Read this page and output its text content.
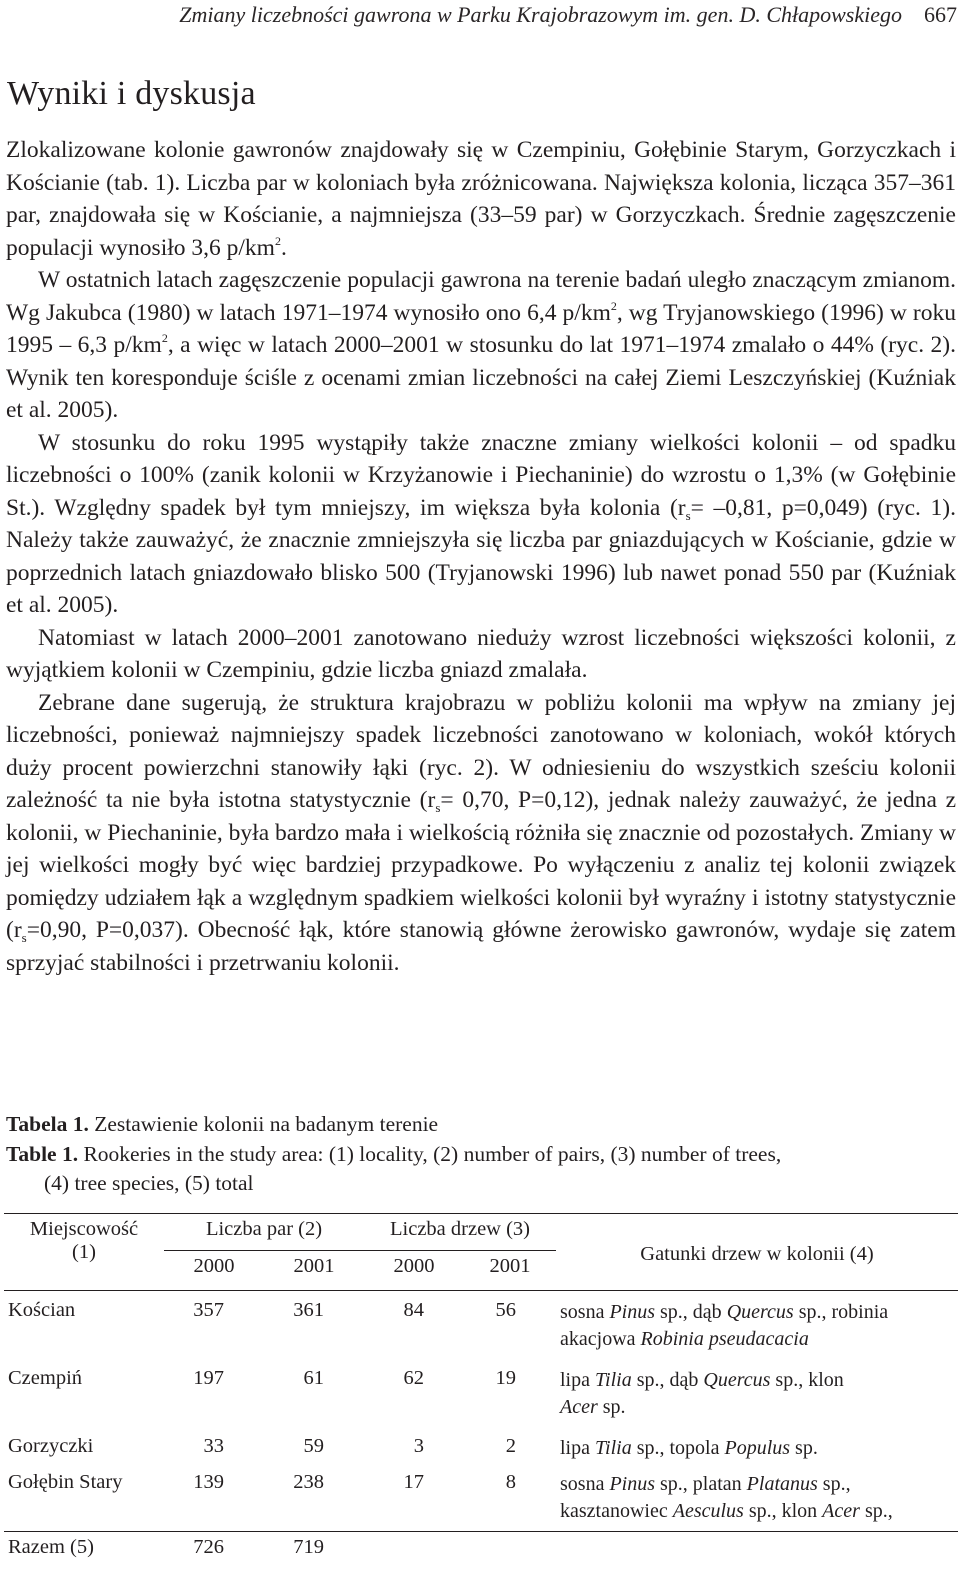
Zmiany liczebności gawrona w Parku Krajobrazowym im. gen. D. Chłapowskiego 667
Wyniki i dyskusja

Zlokalizowane kolonie gawronów znajdowały się w Czempiniu, Gołębinie Starym, Gorzyczkach i Kościanie (tab. 1). Liczba par w koloniach była zróżnicowana. Największa kolonia, licząca 357–361 par, znajdowała się w Kościanie, a najmniejsza (33–59 par) w Gorzyczkach. Średnie zagęszczenie populacji wynosiło 3,6 $p/km^2$.

W ostatnich latach zagęszczenie populacji gawrona na terenie badań uległo znaczącym zmianom. Wg Jakubca (1980) w latach 1971–1974 wynosiło ono 6,4 $p/km^2$, wg Tryjanowskiego (1996) w roku 1995 – 6,3 $p/km^2$, a więc w latach 2000–2001 w stosunku do lat 1971–1974 zmalało o 44% (ryc. 2). Wynik ten koresponduje ściśle z ocenami zmian liczebności na całej Ziemi Leszczyńskiej (Kuźniak et al. 2005).

W stosunku do roku 1995 wystąpiły także znaczne zmiany wielkości kolonii – od spadku liczebności o 100% (zanik kolonii w Krzyżanowie i Piechaninie) do wzrostu o 1,3% (w Gołębinie St.). Względny spadek był tym mniejszy, im większa była kolonia ($r_s= -0,81$, p=0,049) (ryc. 1). Należy także zauważyć, że znacznie zmniejszyła się liczba par gniazdujących w Kościanie, gdzie w poprzednich latach gniazdowało blisko 500 (Tryjanowski 1996) lub nawet ponad 550 par (Kuźniak et al. 2005).

Natomiast w latach 2000–2001 zanotowano nieduży wzrost liczebności większości kolonii, z wyjątkiem kolonii w Czempiniu, gdzie liczba gniazd zmalała.

Zebrane dane sugerują, że struktura krajobrazu w pobliżu kolonii ma wpływ na zmiany jej liczebności, ponieważ najmniejszy spadek liczebności zanotowano w koloniach, wokół których duży procent powierzchni stanowiły łąki (ryc. 2). W odniesieniu do wszystkich sześciu kolonii zależność ta nie była istotna statystycznie ($r_s= 0,70$, P=0,12), jednak należy zauważyć, że jedna z kolonii, w Piechaninie, była bardzo mała i wielkością różniła się znacznie od pozostałych. Zmiany w jej wielkości mogły być więc bardziej przypadkowe. Po wyłączeniu z analiz tej kolonii związek pomiędzy udziałem łąk a względnym spadkiem wielkości kolonii był wyraźny i istotny statystycznie ($r_s=0,90$, P=0,037). Obecność łąk, które stanowią główne żerowisko gawronów, wydaje się zatem sprzyjać stabilności i przetrwaniu kolonii.

Tabela 1. Zestawienie kolonii na badanym terenie

Table 1. Rookeries in the study area: (1) locality, (2) number of pairs, (3) number of trees,

(4) tree species, (5) total

Miejscowość
(1)	Liczba par (2)		Liczba drzew (3)		Gatunki drzew w kolonii (4)
	2000	2001	2000	2001	
Kościan	357	361	84	56	sosna Pinus sp., dąb Quercus sp., robinia
akacjowa Robinia pseudacacia

Czempiń	197	61	62	19	lipa Tilia sp., dąb Quercus sp., klon
Acer sp.

Gorzyczki	33	59	3	2	lipa Tilia sp., topola Populus sp.

Gołębin Stary	139	238	17	8	sosna Pinus sp., platan Platanus sp.,
kasztanowiec Aesculus sp., klon Acer sp.,

Razem (5)	726	719			
